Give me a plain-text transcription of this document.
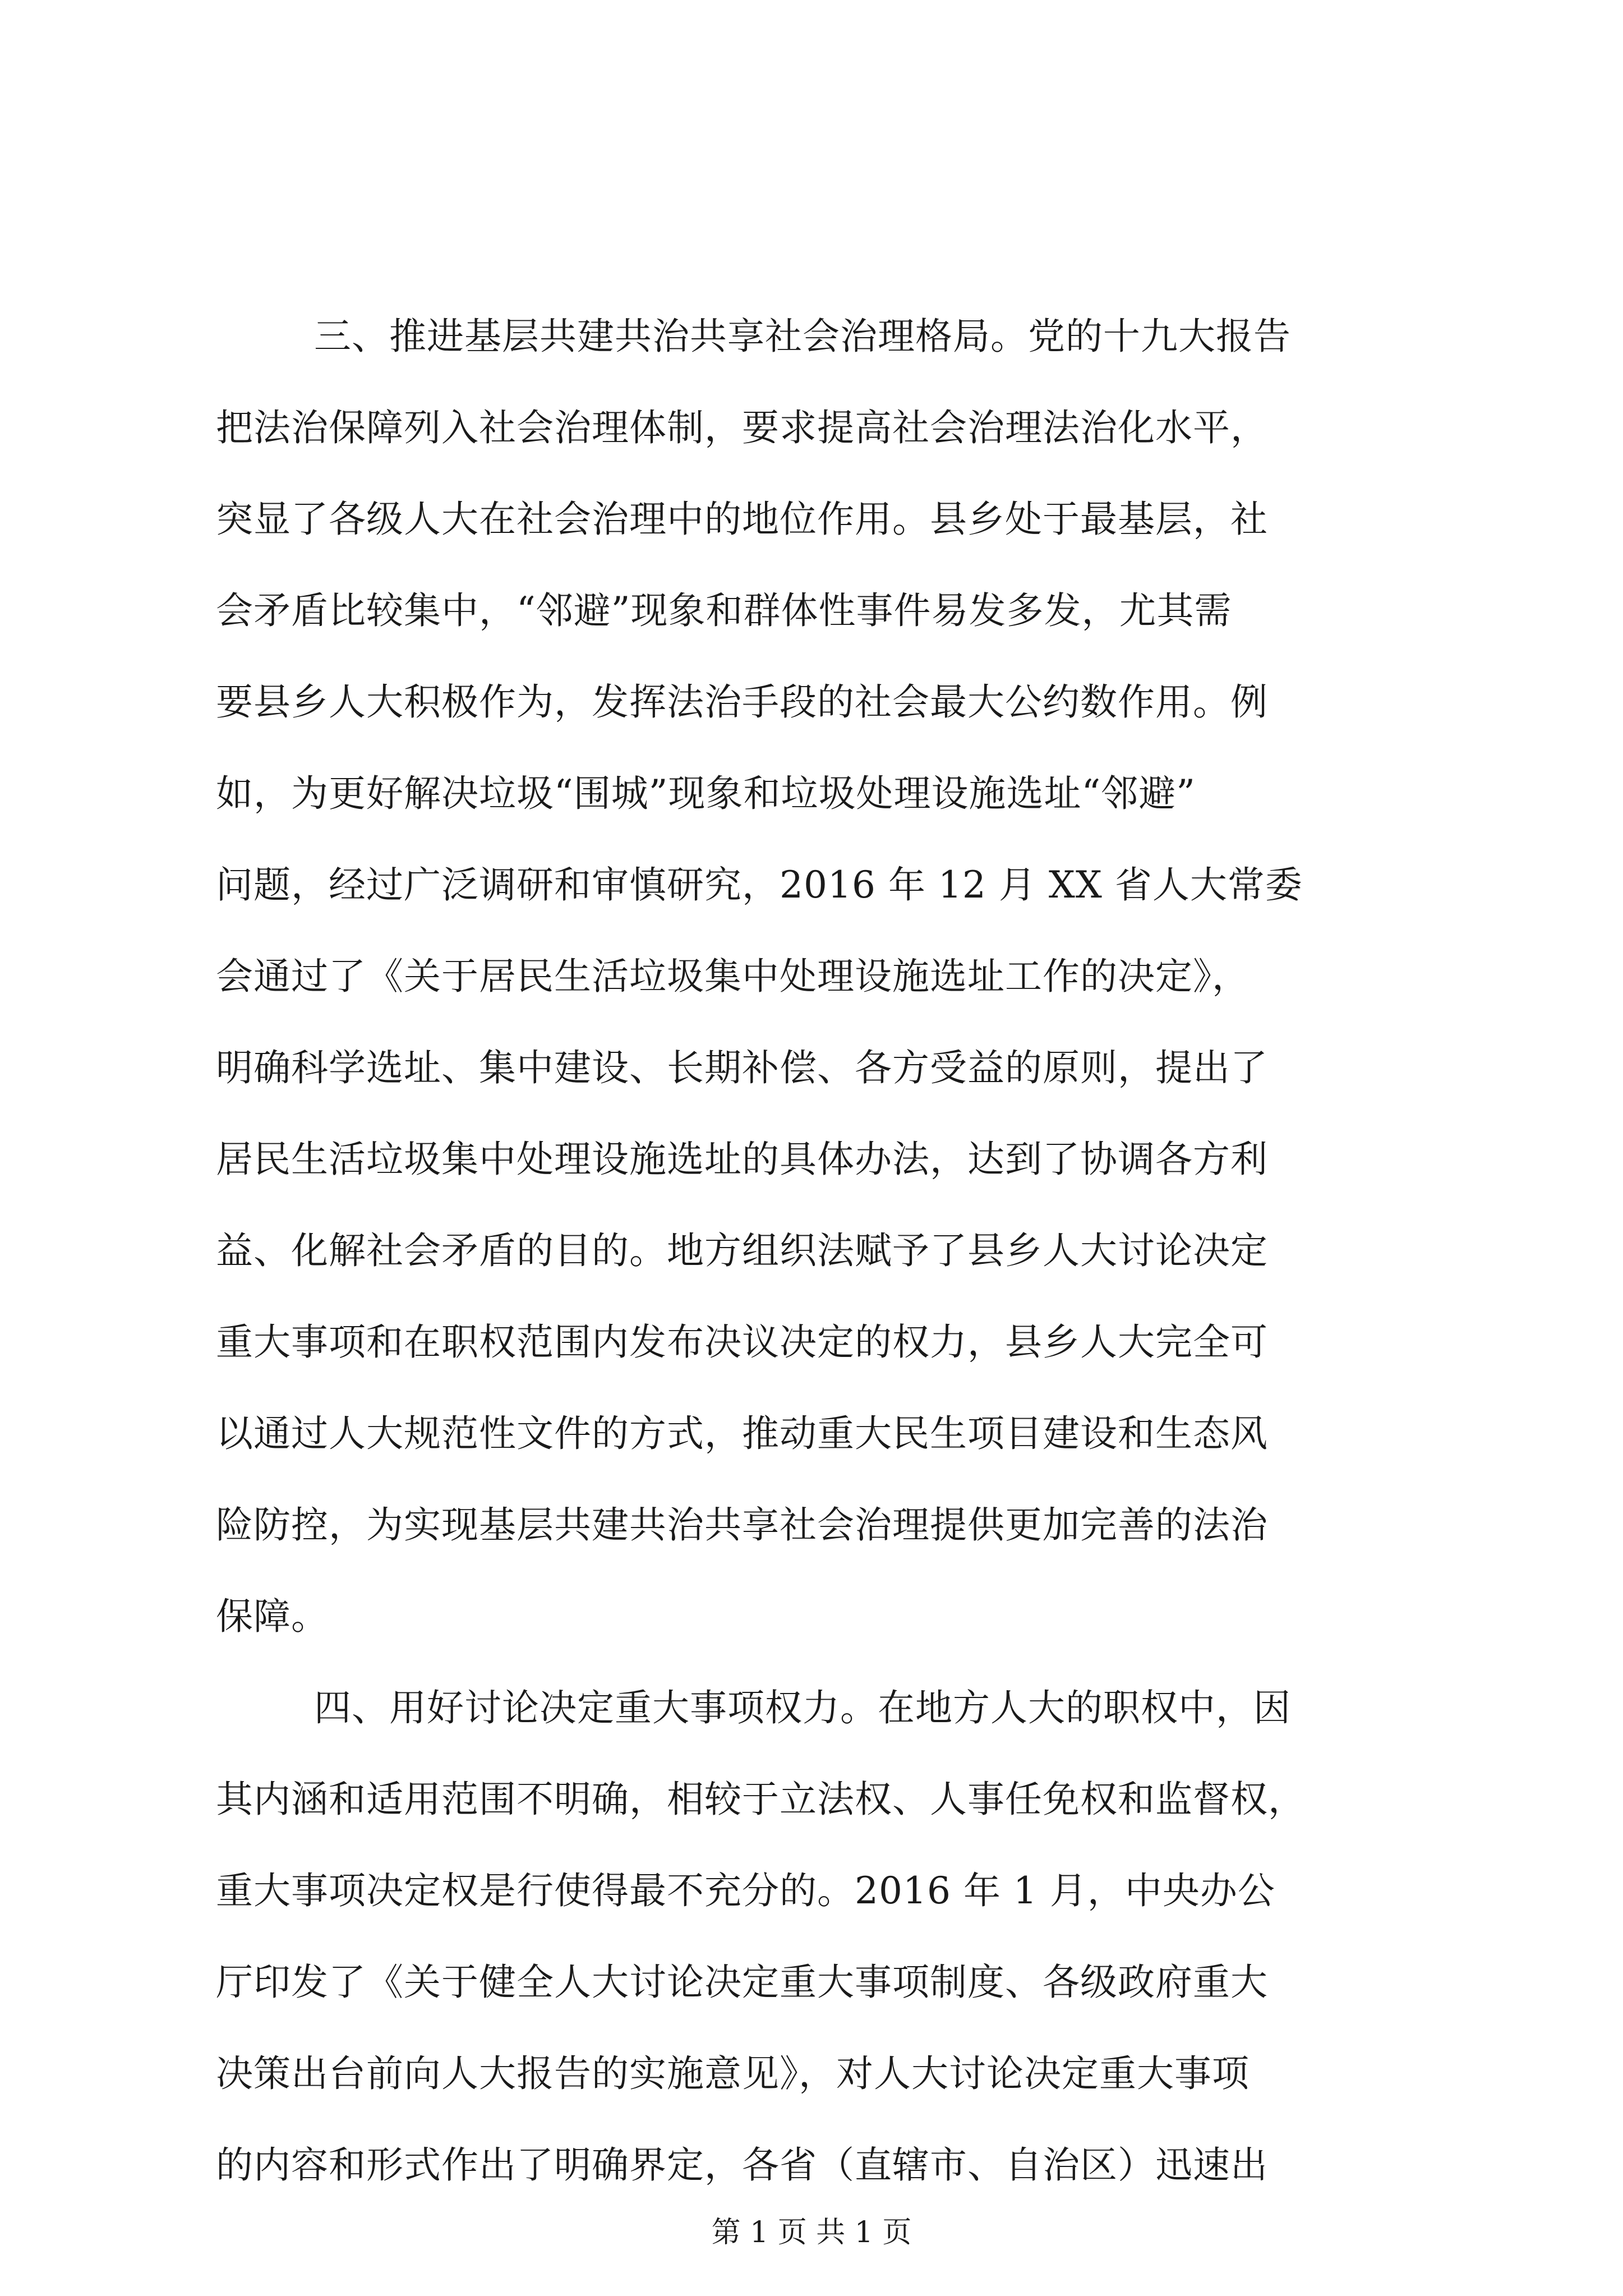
三、推进基层共建共治共享社会治理格局。党的十九大报告
把法治保障列入社会治理体制，要求提高社会治理法治化水平，
突显了各级人大在社会治理中的地位作用。县乡处于最基层，社
会矛盾比较集中，“邻避”现象和群体性事件易发多发，尤其需
要县乡人大积极作为，发挥法治手段的社会最大公约数作用。例
如，为更好解决垃圾“围城”现象和垃圾处理设施选址“邻避”
问题，经过广泛调研和审慎研究，2016 年 12 月 XX 省人大常委
会通过了《关于居民生活垃圾集中处理设施选址工作的决定》，
明确科学选址、集中建设、长期补偿、各方受益的原则，提出了
居民生活垃圾集中处理设施选址的具体办法，达到了协调各方利
益、化解社会矛盾的目的。地方组织法赋予了县乡人大讨论决定
重大事项和在职权范围内发布决议决定的权力，县乡人大完全可
以通过人大规范性文件的方式，推动重大民生项目建设和生态风
险防控，为实现基层共建共治共享社会治理提供更加完善的法治
保障。
四、用好讨论决定重大事项权力。在地方人大的职权中，因
其内涵和适用范围不明确，相较于立法权、人事任免权和监督权，
重大事项决定权是行使得最不充分的。2016 年 1 月，中央办公
厅印发了《关于健全人大讨论决定重大事项制度、各级政府重大
决策出台前向人大报告的实施意见》，对人大讨论决定重大事项
的内容和形式作出了明确界定，各省（直辖市、自治区）迅速出
第 1 页 共 1 页
